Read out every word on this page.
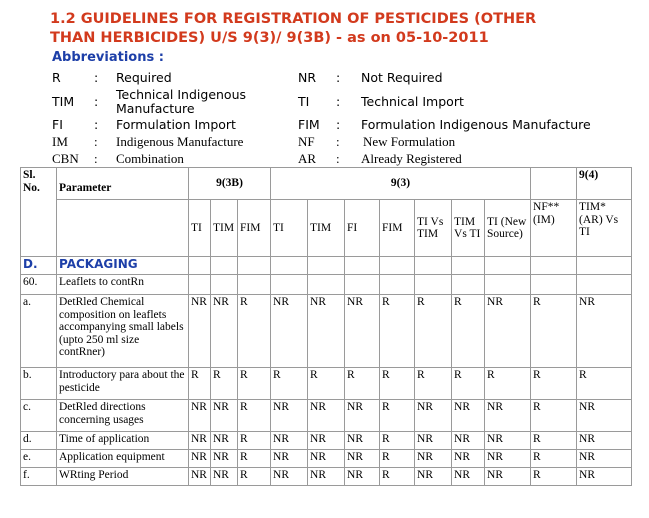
1.2 GUIDELINES FOR REGISTRATION OF PESTICIDES (OTHER
THAN HERBICIDES) U/S 9(3)/ 9(3B) - as on 05-10-2011
Abbreviations :
R	: Required	NR : Not Required
TIM : Technical Indigenous Manufacture	TI : Technical Import
FI : Formulation Import	FIM : Formulation Indigenous Manufacture
IM : Indigenous Manufacture	NF : New Formulation
CBN : Combination	AR : Already Registered
Sl. No.	Parameter	9(3B)			9(3)								9(4)
		TI	TIM	FIM	TI	TIM	FI	FIM	TI Vs TIM	TIM Vs TI	TI (New Source)	NF** (IM)	TIM* (AR) Vs TI
D.	PACKAGING												
60.	Leaflets to contRn												
a.	DetRled Chemical composition on leaflets accompanying small labels (upto 250 ml size contRner)	NR	NR	R	NR	NR	NR	R	R	R	NR	R	NR
b.	Introductory para about the pesticide	R	R	R	R	R	R	R	R	R	R	R	R
c.	DetRled directions concerning usages	NR	NR	R	NR	NR	NR	R	NR	NR	NR	R	NR
d.	Time of application	NR	NR	R	NR	NR	NR	R	NR	NR	NR	R	NR
e.	Application equipment	NR	NR	R	NR	NR	NR	R	NR	NR	NR	R	NR
f.	WRting Period	NR	NR	R	NR	NR	NR	R	NR	NR	NR	R	NR
